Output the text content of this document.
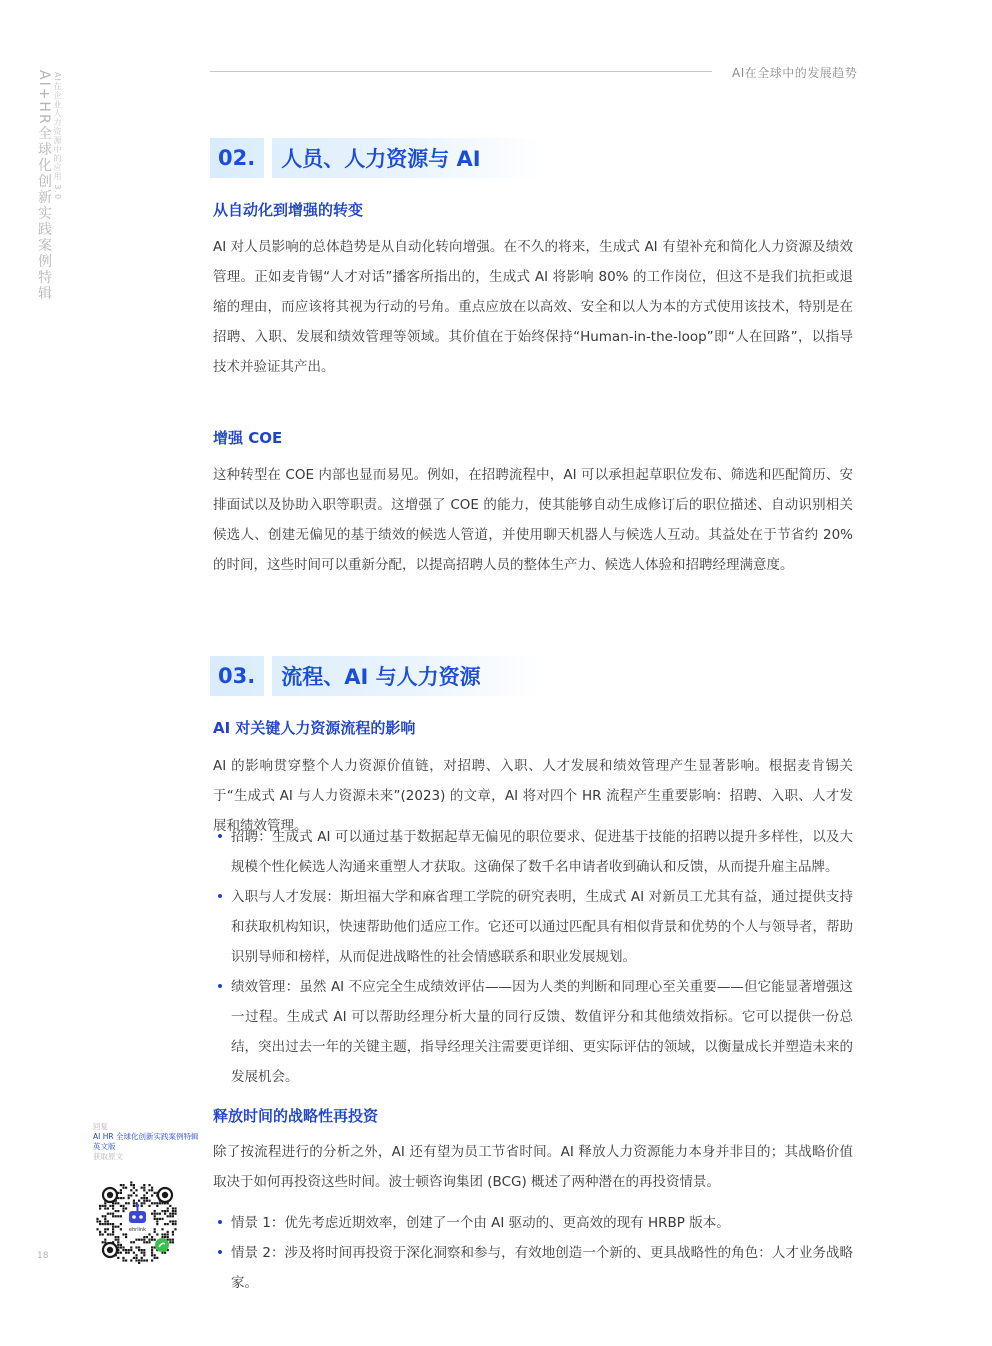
AI在全球中的发展趋势
AI+HR全球化创新实践案例特辑 AI在企业人力资源中的应用 3.0	02. 人员、人力资源与 AI
从自动化到增强的转变

AI 对人员影响的总体趋势是从自动化转向增强。在不久的将来，生成式 AI 有望补充和简化人力资源及绩效管理。正如麦肯锡“人才对话”播客所指出的，生成式 AI 将影响 80% 的工作岗位，但这不是我们抗拒或退缩的理由，而应该将其视为行动的号角。重点应放在以高效、安全和以人为本的方式使用该技术，特别是在招聘、入职、发展和绩效管理等领域。其价值在于始终保持“Human-in-the-loop”即“人在回路”，以指导技术并验证其产出。

增强 COE

这种转型在 COE 内部也显而易见。例如，在招聘流程中，AI 可以承担起草职位发布、筛选和匹配简历、安排面试以及协助入职等职责。这增强了 COE 的能力，使其能够自动生成修订后的职位描述、自动识别相关候选人、创建无偏见的基于绩效的候选人管道，并使用聊天机器人与候选人互动。其益处在于节省约 20% 的时间，这些时间可以重新分配，以提高招聘人员的整体生产力、候选人体验和招聘经理满意度。

03. 流程、AI 与人力资源
AI 对关键人力资源流程的影响

AI 的影响贯穿整个人力资源价值链，对招聘、入职、人才发展和绩效管理产生显著影响。根据麦肯锡关于“生成式 AI 与人力资源未来”(2023) 的文章，AI 将对四个 HR 流程产生重要影响：招聘、入职、人才发展和绩效管理。

招聘：生成式 AI 可以通过基于数据起草无偏见的职位要求、促进基于技能的招聘以提升多样性，以及大规模个性化候选人沟通来重塑人才获取。这确保了数千名申请者收到确认和反馈，从而提升雇主品牌。

入职与人才发展：斯坦福大学和麻省理工学院的研究表明，生成式 AI 对新员工尤其有益，通过提供支持和获取机构知识，快速帮助他们适应工作。它还可以通过匹配具有相似背景和优势的个人与领导者，帮助识别导师和榜样，从而促进战略性的社会情感联系和职业发展规划。

绩效管理：虽然 AI 不应完全生成绩效评估——因为人类的判断和同理心至关重要——但它能显著增强这一过程。生成式 AI 可以帮助经理分析大量的同行反馈、数值评分和其他绩效指标。它可以提供一份总结，突出过去一年的关键主题，指导经理关注需要更详细、更实际评估的领域，以衡量成长并塑造未来的发展机会。

释放时间的战略性再投资

除了按流程进行的分析之外，AI 还有望为员工节省时间。AI 释放人力资源能力本身并非目的；其战略价值取决于如何再投资这些时间。波士顿咨询集团 (BCG) 概述了两种潜在的再投资情景。

情景 1：优先考虑近期效率，创建了一个由 AI 驱动的、更高效的现有 HRBP 版本。

情景 2：涉及将时间再投资于深化洞察和参与，有效地创造一个新的、更具战略性的角色：人才业务战略家。

回复
AI HR 全球化创新实践案例特辑英文版
获取原文
ehrlink
18
